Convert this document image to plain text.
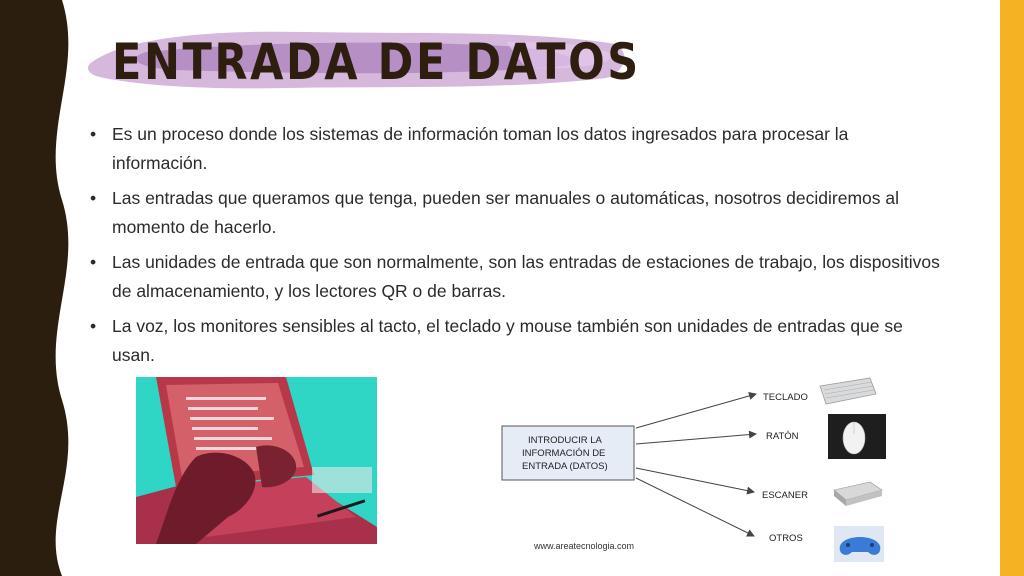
ENTRADA DE DATOS
• Es un proceso donde los sistemas de información toman los datos ingresados para procesar la información.
• Las entradas que queramos que tenga, pueden ser manuales o automáticas, nosotros decidiremos al momento de hacerlo.
• Las unidades de entrada que son normalmente, son las entradas de estaciones de trabajo, los dispositivos de almacenamiento, y los lectores QR o de barras.
• La voz, los monitores sensibles al tacto, el teclado y mouse también son unidades de entradas que se usan.
INTRODUCIR LA
INFORMACIÓN DE
ENTRADA (DATOS)
TECLADO
RATÓN
ESCANER
OTROS
www.areatecnologia.com
